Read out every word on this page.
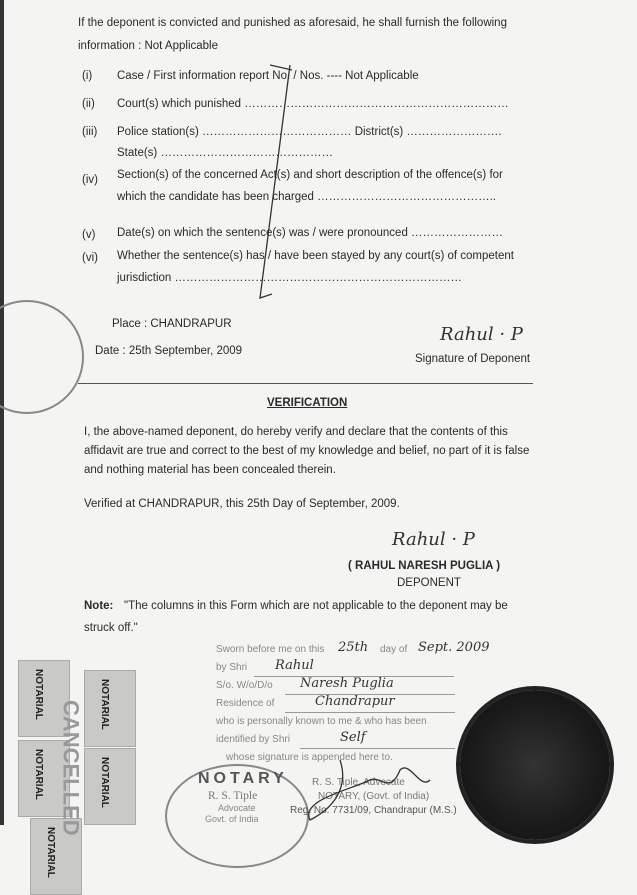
If the deponent is convicted and punished as aforesaid, he shall furnish the following
information : Not Applicable
(i) Case / First information report No. / Nos. ---- Not Applicable
(ii) Court(s) which punished ……………………………………………………………
(iii) Police station(s) ………………………………… District(s) …………………….
State(s) ………………………………………
(iv) Section(s) of the concerned Act(s) and short description of the offence(s) for
which the candidate has been charged ………………………………………..
(v) Date(s) on which the sentence(s) was / were pronounced ……………………
(vi) Whether the sentence(s) has / have been stayed by any court(s) of competent
jurisdiction …………………………………………………………………
Place : CHANDRAPUR
Date : 25th September, 2009
Rahul · P
Signature of Deponent
VERIFICATION
I, the above-named deponent, do hereby verify and declare that the contents of this
affidavit are true and correct to the best of my knowledge and belief, no part of it is false
and nothing material has been concealed therein.
Verified at CHANDRAPUR, this 25th Day of September, 2009.
Rahul · P
( RAHUL NARESH PUGLIA )
DEPONENT
Note: "The columns in this Form which are not applicable to the deponent may be
struck off."
Sworn before me on this 25th day of Sept. 2009
by Shri Rahul
S/o. W/o/D/o Naresh Puglia
Residence of	Chandrapur
who is personally known to me & who has been
identified by Shri	Self
whose signature is appended here to.
NOTARIAL	NOTARIAL
NOTARIAL	NOTARIAL
NOTARIAL
CANCELLED	NOTARY
R. S. Tiple
Advocate
Govt. of India
R. S. Tiple, Advocate
NOTARY, (Govt. of India)
Reg. No. 7731/09, Chandrapur (M.S.)
